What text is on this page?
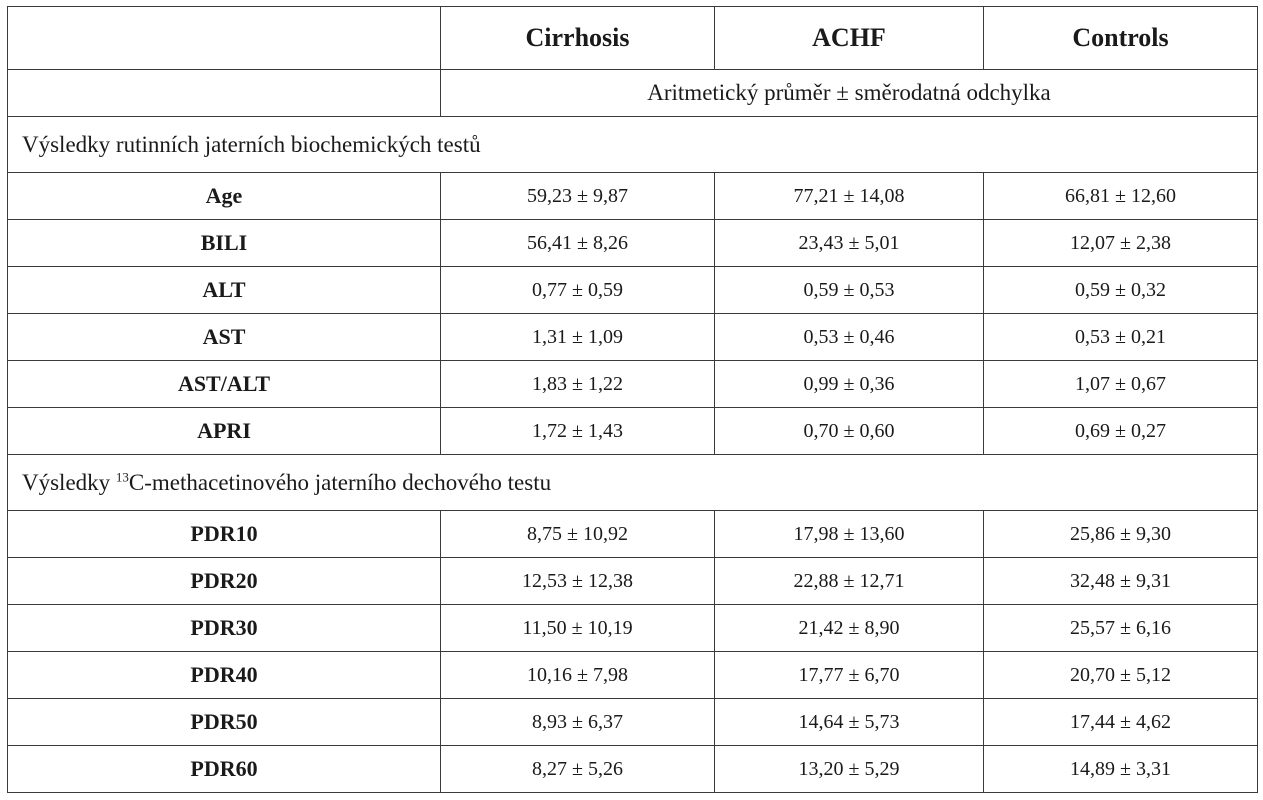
	Cirrhosis	ACHF	Controls
	Aritmetický průměr ± směrodatná odchylka		
Výsledky rutinních jaterních biochemických testů			
Age	59,23 ± 9,87	77,21 ± 14,08	66,81 ± 12,60
BILI	56,41 ± 8,26	23,43 ± 5,01	12,07 ± 2,38
ALT	0,77 ± 0,59	0,59 ± 0,53	0,59 ± 0,32
AST	1,31 ± 1,09	0,53 ± 0,46	0,53 ± 0,21
AST/ALT	1,83 ± 1,22	0,99 ± 0,36	1,07 ± 0,67
APRI	1,72 ± 1,43	0,70 ± 0,60	0,69 ± 0,27
Výsledky $^{13}$C-methacetinového jaterního dechového testu			
PDR10	8,75 ± 10,92	17,98 ± 13,60	25,86 ± 9,30
PDR20	12,53 ± 12,38	22,88 ± 12,71	32,48 ± 9,31
PDR30	11,50 ± 10,19	21,42 ± 8,90	25,57 ± 6,16
PDR40	10,16 ± 7,98	17,77 ± 6,70	20,70 ± 5,12
PDR50	8,93 ± 6,37	14,64 ± 5,73	17,44 ± 4,62
PDR60	8,27 ± 5,26	13,20 ± 5,29	14,89 ± 3,31
